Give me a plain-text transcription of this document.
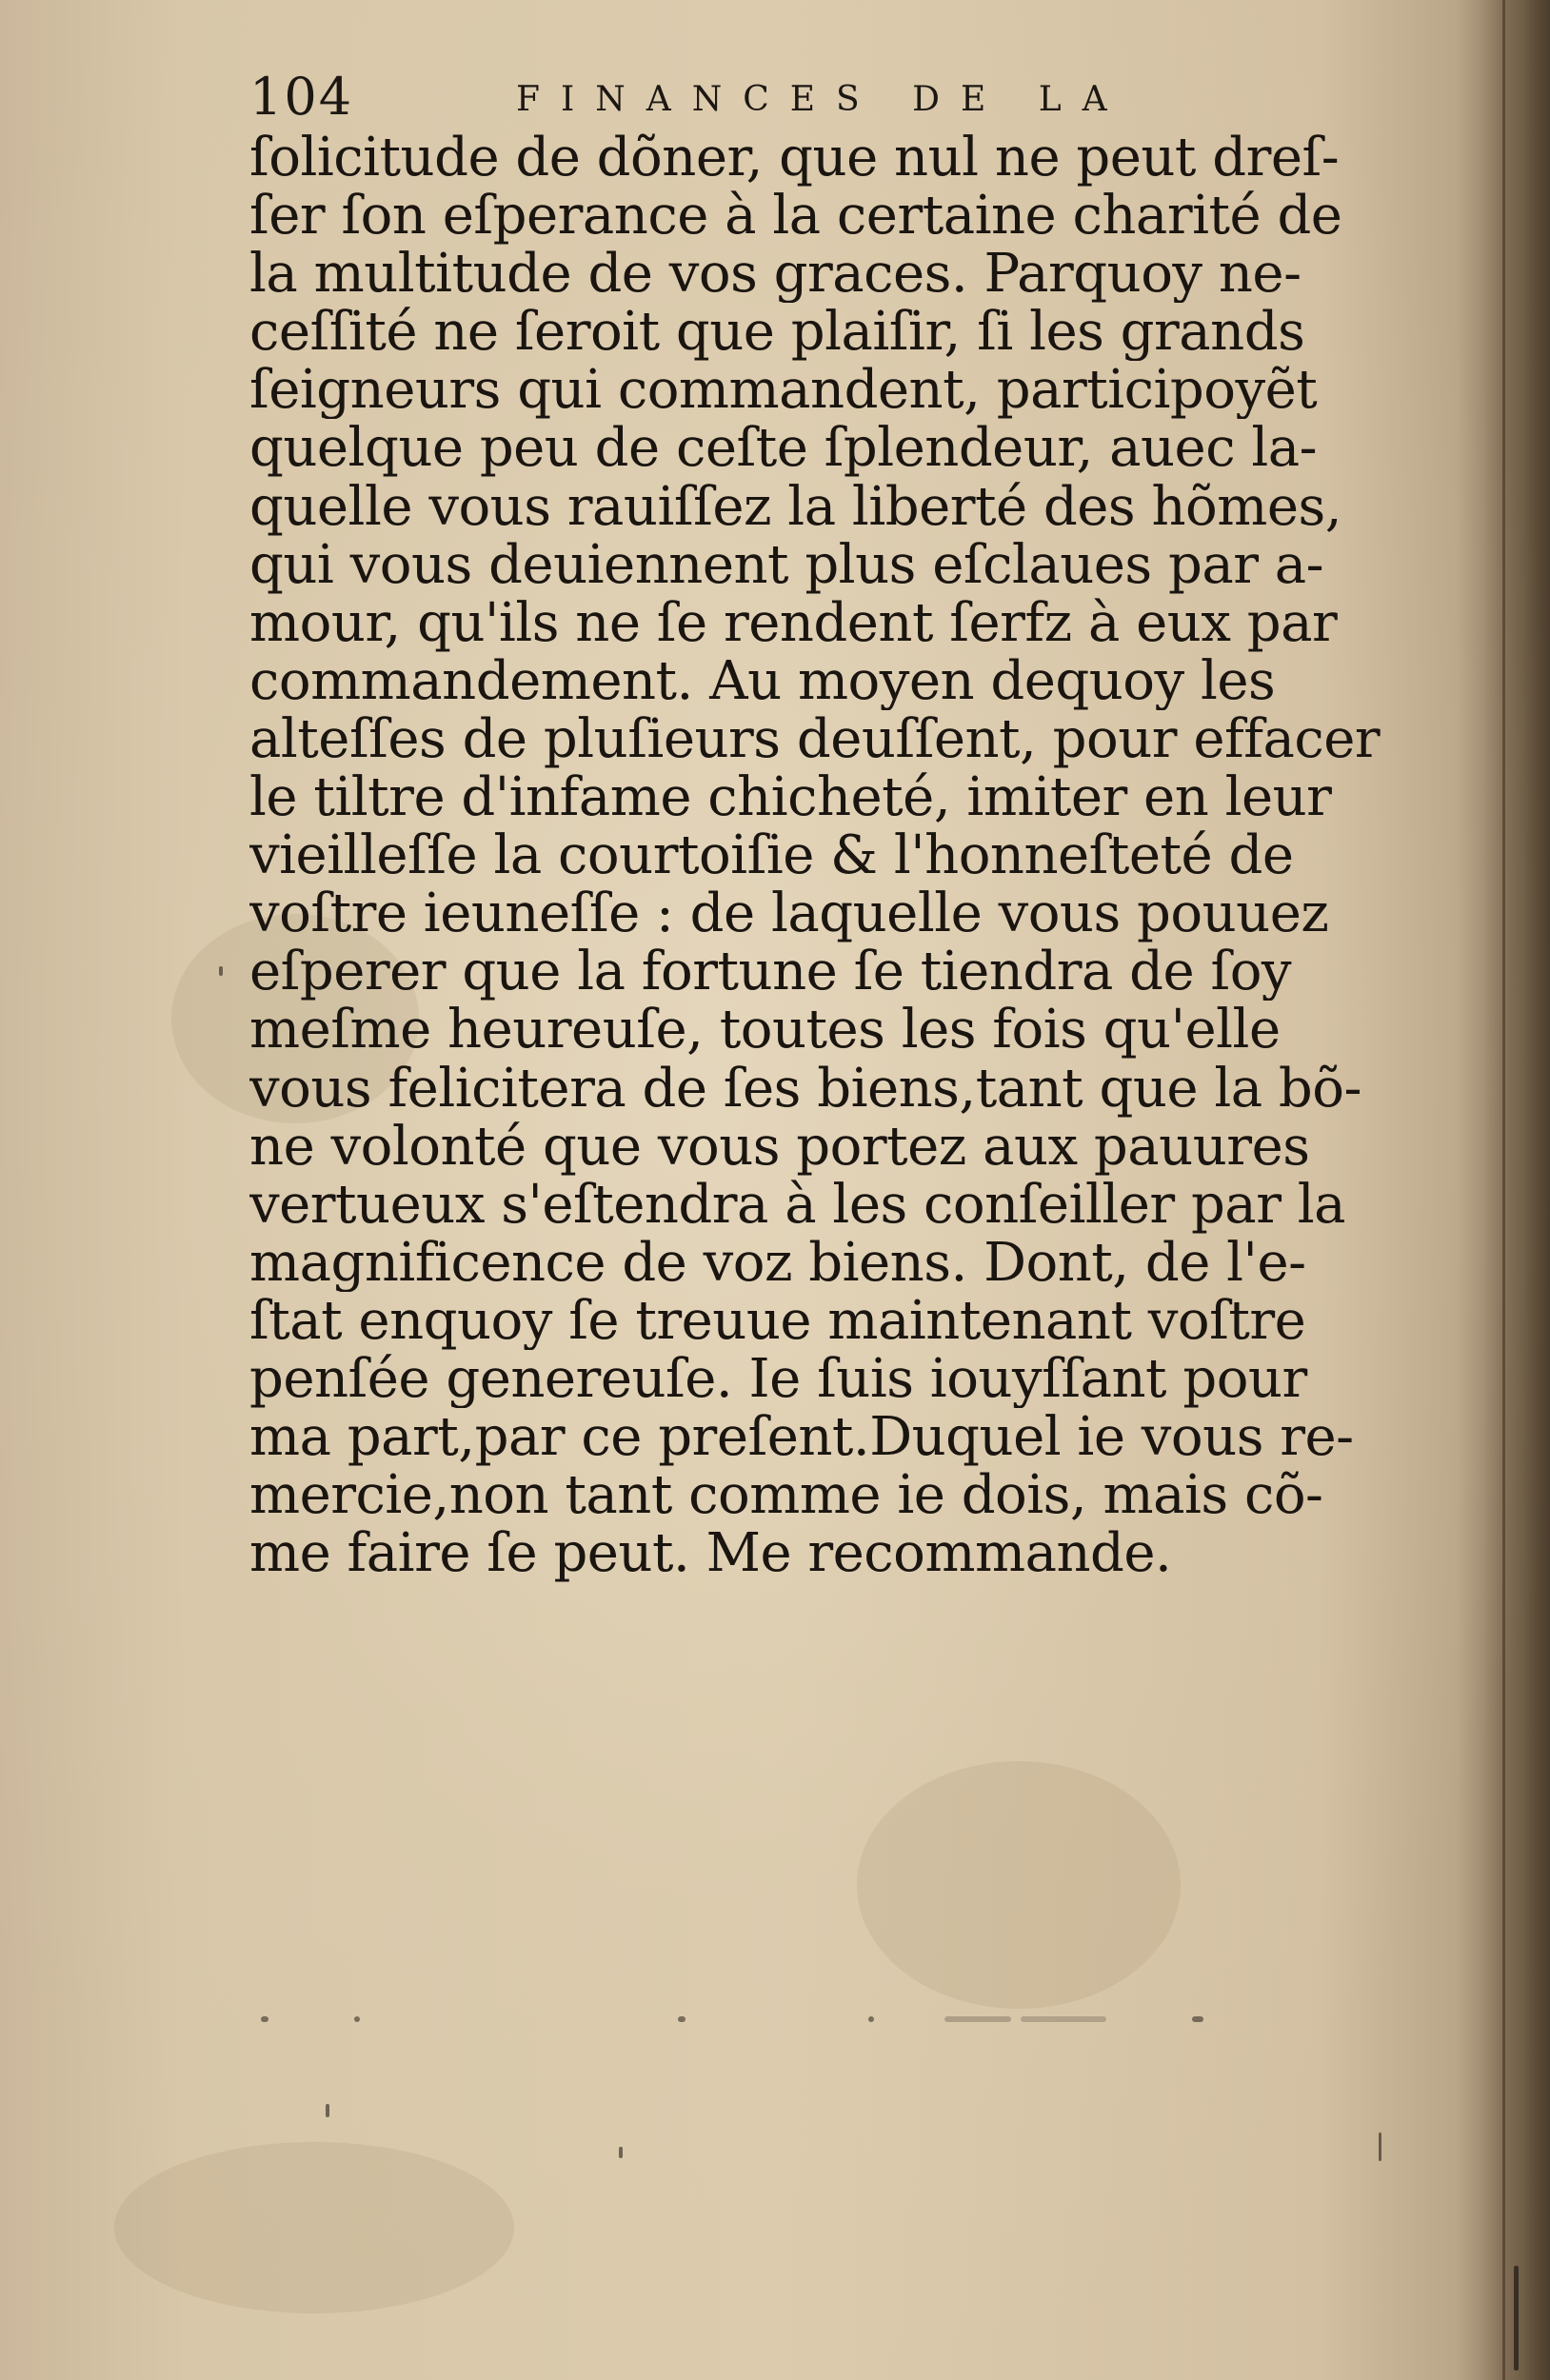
104	FINANCES DE LA
ſolicitude de dõner, que nul ne peut dreſ-
ſer ſon eſperance à la certaine charité de
la multitude de vos graces. Parquoy ne-
ceſſité ne ſeroit que plaiſir, ſi les grands
ſeigneurs qui commandent, participoyẽt
quelque peu de ceſte ſplendeur, auec la-
quelle vous rauiſſez la liberté des hõmes,
qui vous deuiennent plus eſclaues par a-
mour, qu'ils ne ſe rendent ſerfz à eux par
commandement. Au moyen dequoy les
alteſſes de pluſieurs deuſſent, pour effacer
le tiltre d'infame chicheté, imiter en leur
vieilleſſe la courtoiſie & l'honneſteté de
voſtre ieuneſſe : de laquelle vous pouuez
eſperer que la fortune ſe tiendra de ſoy
meſme heureuſe, toutes les fois qu'elle
vous felicitera de ſes biens,tant que la bõ-
ne volonté que vous portez aux pauures
vertueux s'eſtendra à les conſeiller par la
magnificence de voz biens. Dont, de l'e-
ſtat enquoy ſe treuue maintenant voſtre
penſée genereuſe. Ie ſuis iouyſſant pour
ma part,par ce preſent.Duquel ie vous re-
mercie,non tant comme ie dois, mais cõ-
me faire ſe peut. Me recommande.
